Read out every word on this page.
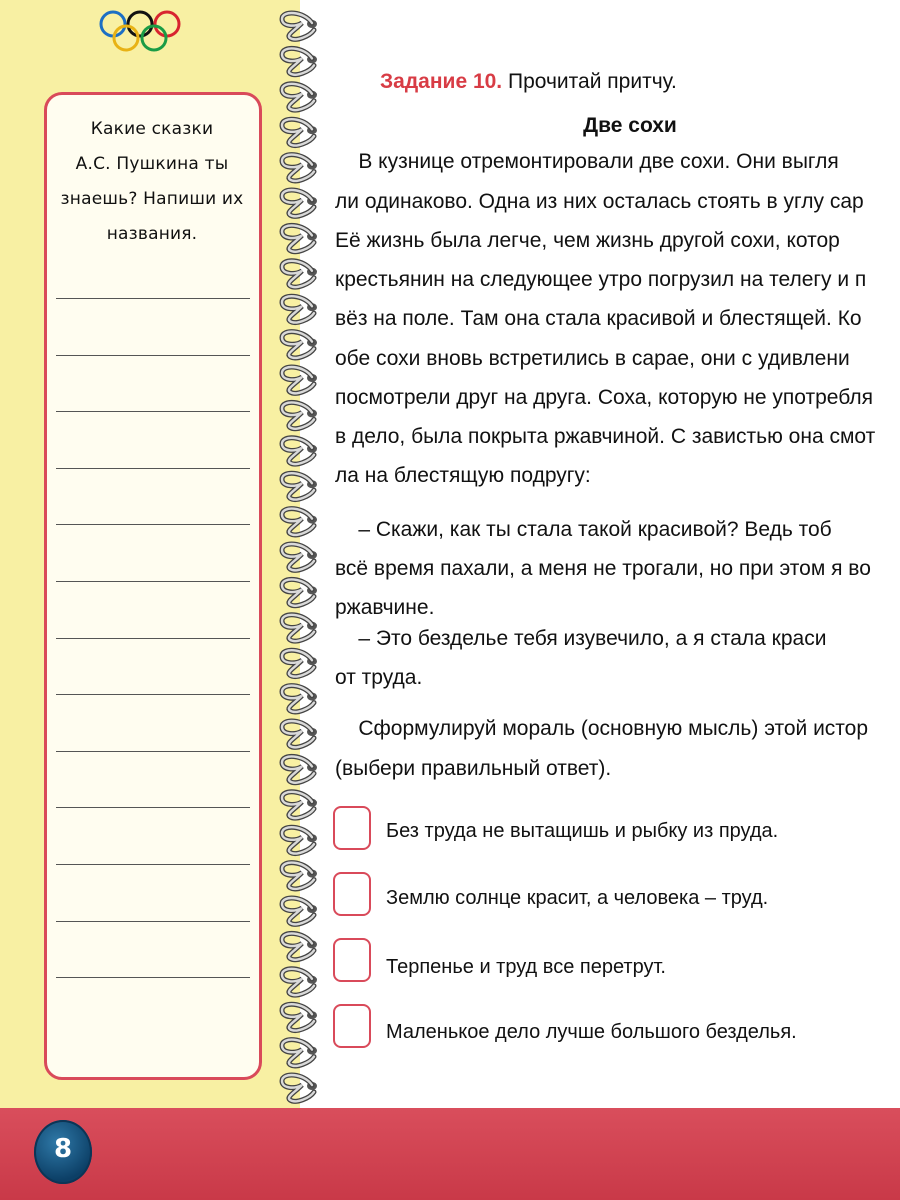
Какие сказки
А.С. Пушкина ты
знаешь? Напиши их
названия.
Задание 10. Прочитай притчу.
Две сохи
В кузнице отремонтировали две сохи. Они выгля
ли одинаково. Одна из них осталась стоять в углу сар
Её жизнь была легче, чем жизнь другой сохи, котор
крестьянин на следующее утро погрузил на телегу и п
вёз на поле. Там она стала красивой и блестящей. Ко
обе сохи вновь встретились в сарае, они с удивлени
посмотрели друг на друга. Соха, которую не употребля
в дело, была покрыта ржавчиной. С завистью она смот
ла на блестящую подругу:
– Скажи, как ты стала такой красивой? Ведь тоб
всё время пахали, а меня не трогали, но при этом я во
ржавчине.
– Это безделье тебя изувечило, а я стала краси
от труда.
Сформулируй мораль (основную мысль) этой истор
(выбери правильный ответ).
Без труда не вытащишь и рыбку из пруда.
Землю солнце красит, а человека – труд.
Терпенье и труд все перетрут.
Маленькое дело лучше большого безделья.
8
